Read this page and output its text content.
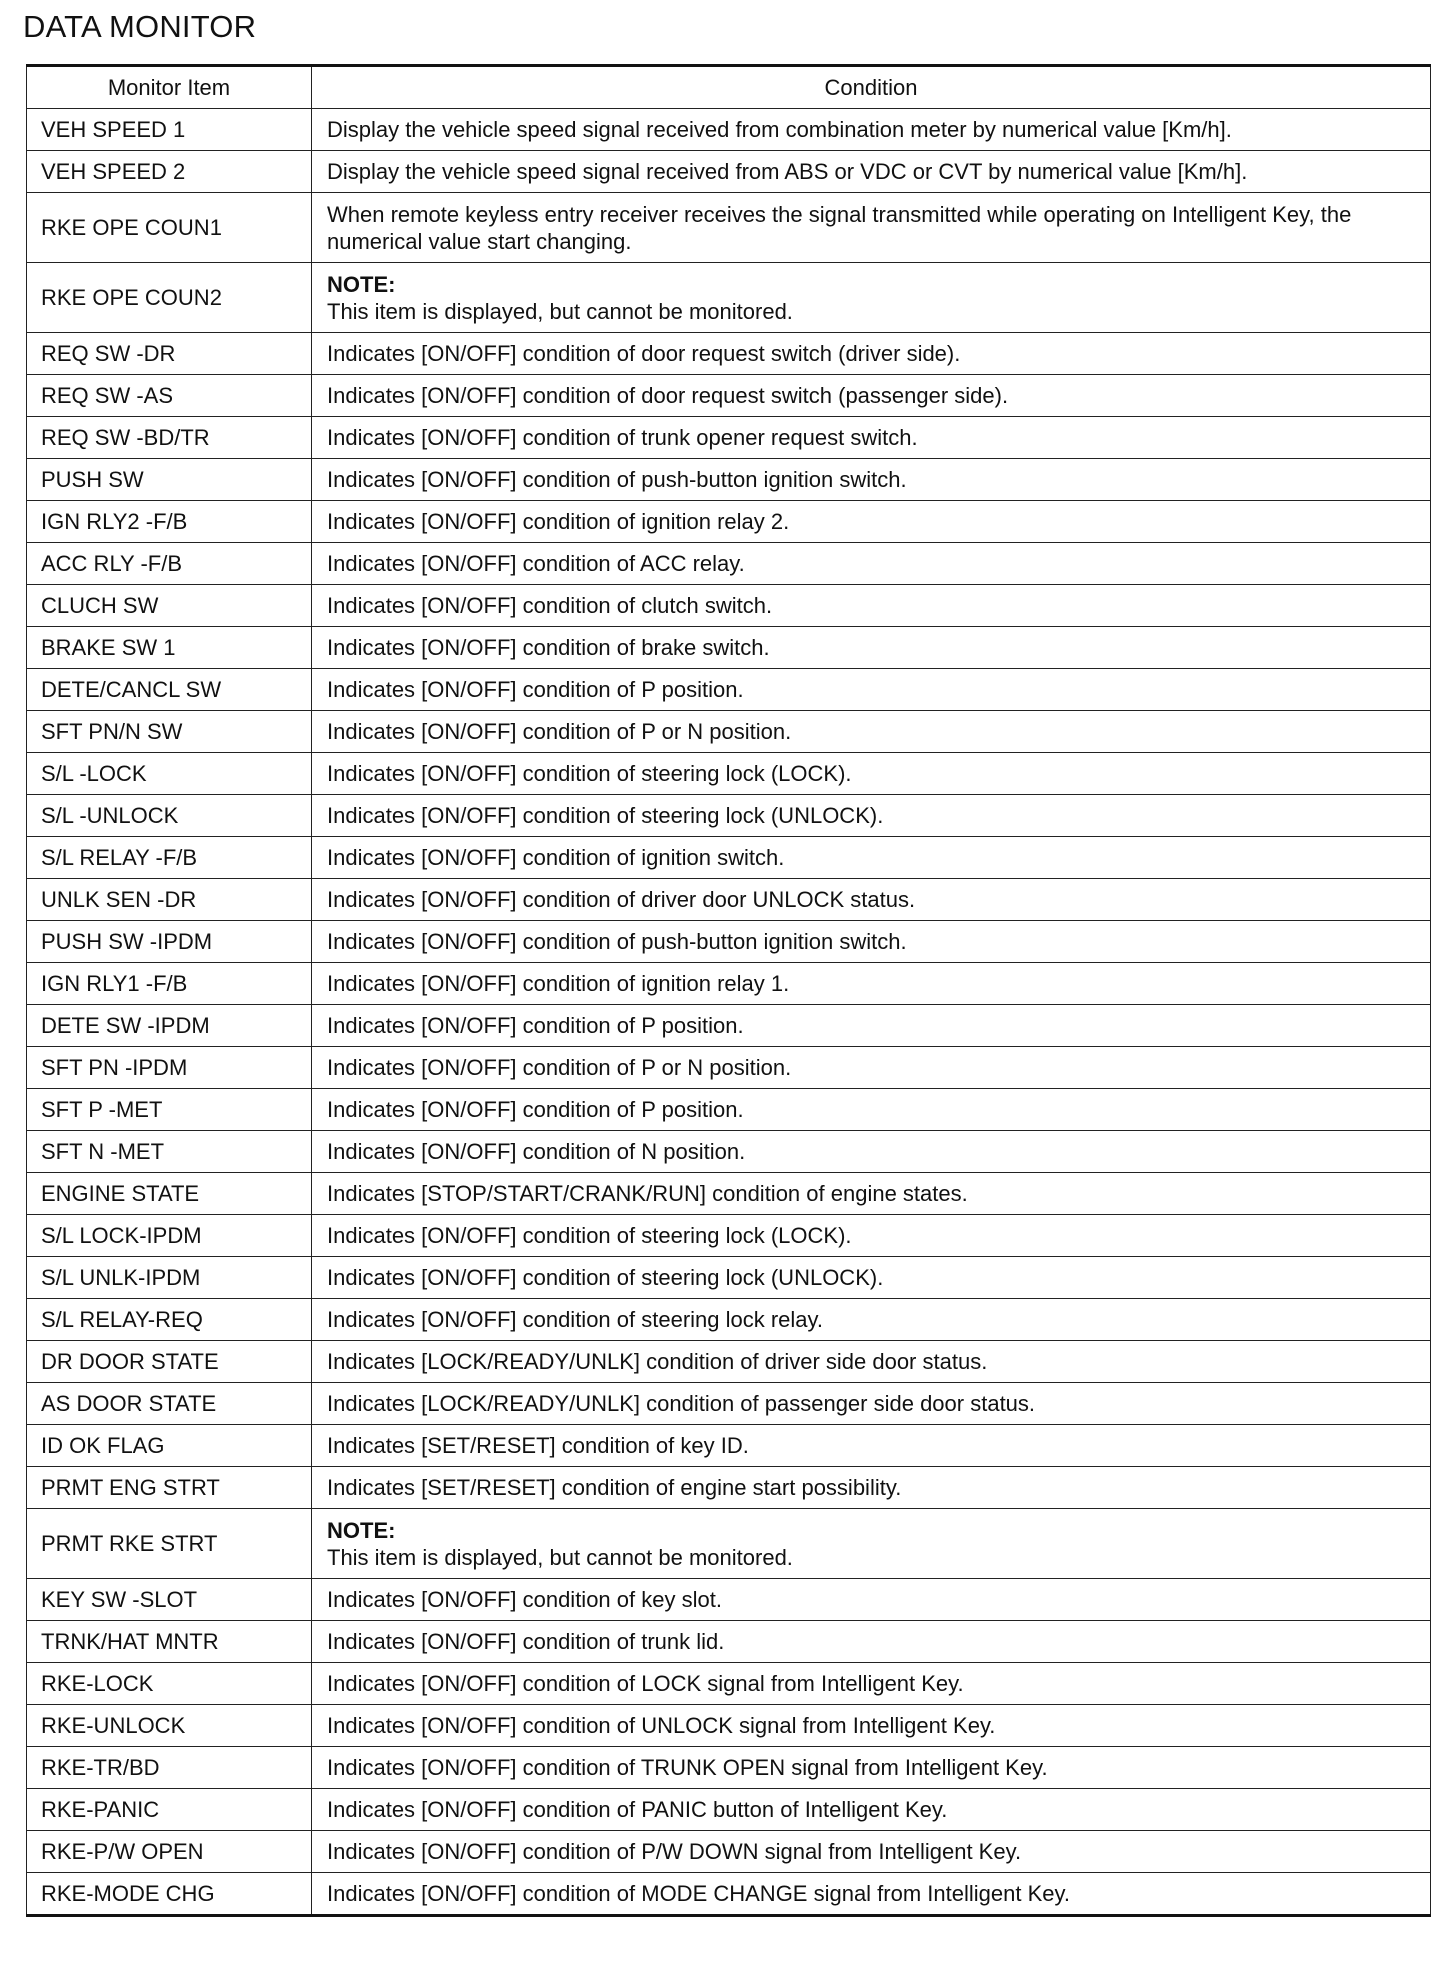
DATA MONITOR
Monitor Item	Condition
VEH SPEED 1	Display the vehicle speed signal received from combination meter by numerical value [Km/h].
VEH SPEED 2	Display the vehicle speed signal received from ABS or VDC or CVT by numerical value [Km/h].
RKE OPE COUN1	When remote keyless entry receiver receives the signal transmitted while operating on Intelligent Key, the numerical value start changing.
RKE OPE COUN2	NOTE:
This item is displayed, but cannot be monitored.
REQ SW -DR	Indicates [ON/OFF] condition of door request switch (driver side).
REQ SW -AS	Indicates [ON/OFF] condition of door request switch (passenger side).
REQ SW -BD/TR	Indicates [ON/OFF] condition of trunk opener request switch.
PUSH SW	Indicates [ON/OFF] condition of push-button ignition switch.
IGN RLY2 -F/B	Indicates [ON/OFF] condition of ignition relay 2.
ACC RLY -F/B	Indicates [ON/OFF] condition of ACC relay.
CLUCH SW	Indicates [ON/OFF] condition of clutch switch.
BRAKE SW 1	Indicates [ON/OFF] condition of brake switch.
DETE/CANCL SW	Indicates [ON/OFF] condition of P position.
SFT PN/N SW	Indicates [ON/OFF] condition of P or N position.
S/L -LOCK	Indicates [ON/OFF] condition of steering lock (LOCK).
S/L -UNLOCK	Indicates [ON/OFF] condition of steering lock (UNLOCK).
S/L RELAY -F/B	Indicates [ON/OFF] condition of ignition switch.
UNLK SEN -DR	Indicates [ON/OFF] condition of driver door UNLOCK status.
PUSH SW -IPDM	Indicates [ON/OFF] condition of push-button ignition switch.
IGN RLY1 -F/B	Indicates [ON/OFF] condition of ignition relay 1.
DETE SW -IPDM	Indicates [ON/OFF] condition of P position.
SFT PN -IPDM	Indicates [ON/OFF] condition of P or N position.
SFT P -MET	Indicates [ON/OFF] condition of P position.
SFT N -MET	Indicates [ON/OFF] condition of N position.
ENGINE STATE	Indicates [STOP/START/CRANK/RUN] condition of engine states.
S/L LOCK-IPDM	Indicates [ON/OFF] condition of steering lock (LOCK).
S/L UNLK-IPDM	Indicates [ON/OFF] condition of steering lock (UNLOCK).
S/L RELAY-REQ	Indicates [ON/OFF] condition of steering lock relay.
DR DOOR STATE	Indicates [LOCK/READY/UNLK] condition of driver side door status.
AS DOOR STATE	Indicates [LOCK/READY/UNLK] condition of passenger side door status.
ID OK FLAG	Indicates [SET/RESET] condition of key ID.
PRMT ENG STRT	Indicates [SET/RESET] condition of engine start possibility.
PRMT RKE STRT	NOTE:
This item is displayed, but cannot be monitored.
KEY SW -SLOT	Indicates [ON/OFF] condition of key slot.
TRNK/HAT MNTR	Indicates [ON/OFF] condition of trunk lid.
RKE-LOCK	Indicates [ON/OFF] condition of LOCK signal from Intelligent Key.
RKE-UNLOCK	Indicates [ON/OFF] condition of UNLOCK signal from Intelligent Key.
RKE-TR/BD	Indicates [ON/OFF] condition of TRUNK OPEN signal from Intelligent Key.
RKE-PANIC	Indicates [ON/OFF] condition of PANIC button of Intelligent Key.
RKE-P/W OPEN	Indicates [ON/OFF] condition of P/W DOWN signal from Intelligent Key.
RKE-MODE CHG	Indicates [ON/OFF] condition of MODE CHANGE signal from Intelligent Key.
